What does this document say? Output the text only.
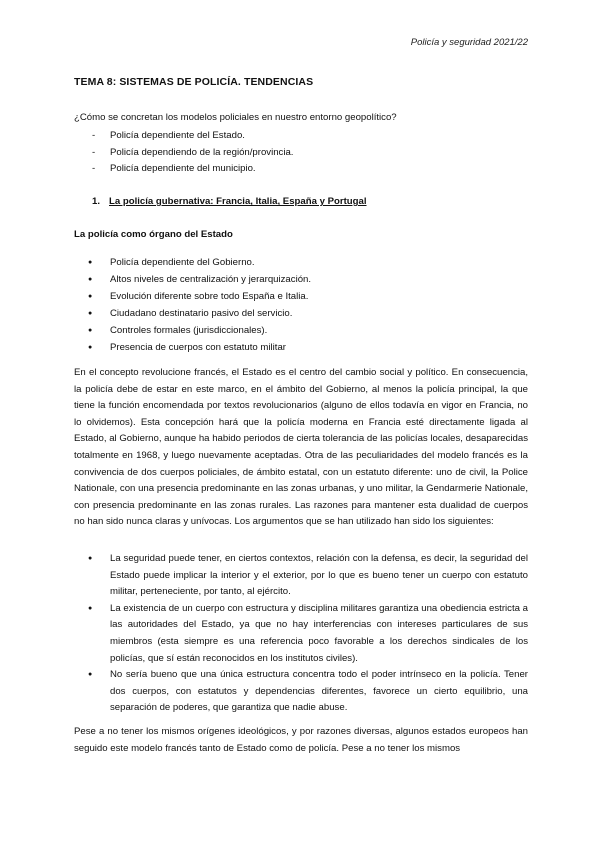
Policía y seguridad 2021/22
TEMA 8: SISTEMAS DE POLICÍA. TENDENCIAS
¿Cómo se concretan los modelos policiales en nuestro entorno geopolítico?
- Policía dependiente del Estado.
- Policía dependiendo de la región/provincia.
- Policía dependiente del municipio.
1. La policía gubernativa: Francia, Italia, España y Portugal
La policía como órgano del Estado
● Policía dependiente del Gobierno.
● Altos niveles de centralización y jerarquización.
● Evolución diferente sobre todo España e Italia.
● Ciudadano destinatario pasivo del servicio.
● Controles formales (jurisdiccionales).
● Presencia de cuerpos con estatuto militar

En el concepto revolucione francés, el Estado es el centro del cambio social y político. En consecuencia, la policía debe de estar en este marco, en el ámbito del Gobierno, al menos la policía principal, la que tiene la función encomendada por textos revolucionarios (alguno de ellos todavía en vigor en Francia, no lo olvidemos). Esta concepción hará que la policía moderna en Francia esté directamente ligada al Estado, al Gobierno, aunque ha habido periodos de cierta tolerancia de las policías locales, desaparecidas totalmente en 1968, y luego nuevamente aceptadas. Otra de las peculiaridades del modelo francés es la convivencia de dos cuerpos policiales, de ámbito estatal, con un estatuto diferente: uno de civil, la Police Nationale, con una presencia predominante en las zonas urbanas, y uno militar, la Gendarmerie Nationale, con presencia predominante en las zonas rurales. Las razones para mantener esta dualidad de cuerpos no han sido nunca claras y unívocas. Los argumentos que se han utilizado han sido los siguientes:

● La seguridad puede tener, en ciertos contextos, relación con la defensa, es decir, la seguridad del Estado puede implicar la interior y el exterior, por lo que es bueno tener un cuerpo con estatuto militar, perteneciente, por tanto, al ejército.
● La existencia de un cuerpo con estructura y disciplina militares garantiza una obediencia estricta a las autoridades del Estado, ya que no hay interferencias con intereses particulares de sus miembros (esta siempre es una referencia poco favorable a los derechos sindicales de los policías, que sí están reconocidos en los institutos civiles).
● No sería bueno que una única estructura concentra todo el poder intrínseco en la policía. Tener dos cuerpos, con estatutos y dependencias diferentes, favorece un cierto equilibrio, una separación de poderes, que garantiza que nadie abuse.

Pese a no tener los mismos orígenes ideológicos, y por razones diversas, algunos estados europeos han seguido este modelo francés tanto de Estado como de policía. Pese a no tener los mismos
